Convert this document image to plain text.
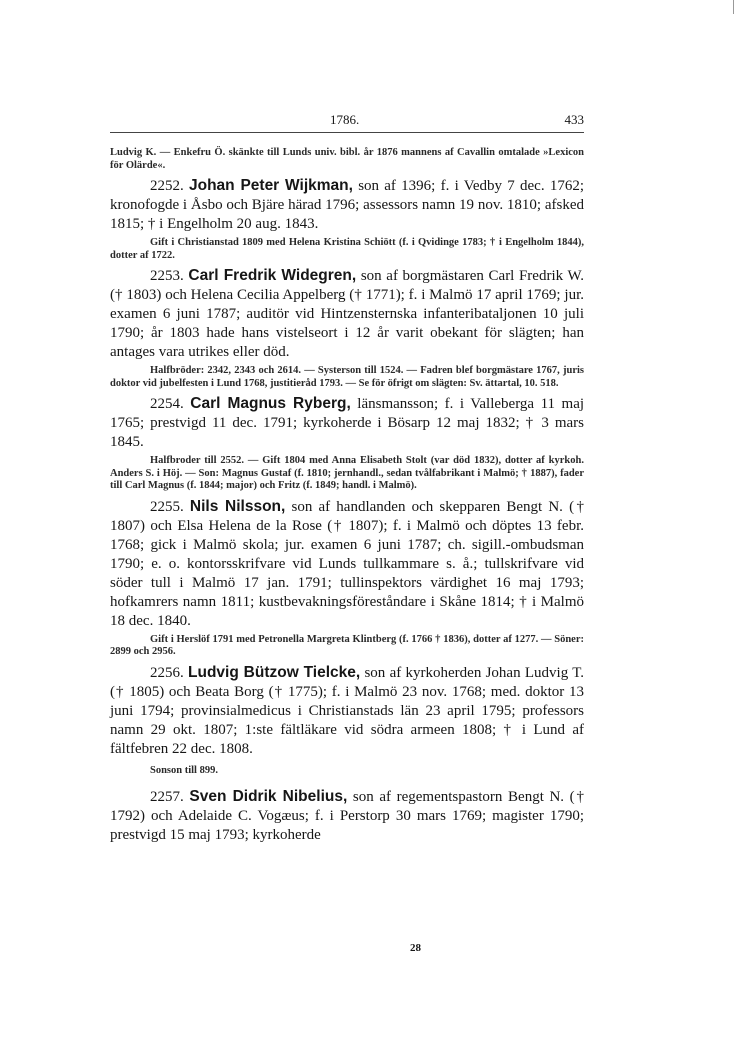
1786.	433

Ludvig K. — Enkefru Ö. skänkte till Lunds univ. bibl. år 1876 mannens af Cavallin omtalade »Lexicon för Olärde«.

2252. Johan Peter Wijkman, son af 1396; f. i Vedby 7 dec. 1762; kronofogde i Åsbo och Bjäre härad 1796; assessors namn 19 nov. 1810; afsked 1815; † i Engelholm 20 aug. 1843.

Gift i Christianstad 1809 med Helena Kristina Schiött (f. i Qvidinge 1783; † i Engelholm 1844), dotter af 1722.

2253. Carl Fredrik Widegren, son af borgmästaren Carl Fredrik W. († 1803) och Helena Cecilia Appelberg († 1771); f. i Malmö 17 april 1769; jur. examen 6 juni 1787; auditör vid Hintzensternska infanteribataljonen 10 juli 1790; år 1803 hade hans vistelseort i 12 år varit obekant för slägten; han antages vara utrikes eller död.

Halfbröder: 2342, 2343 och 2614. — Systerson till 1524. — Fadren blef borgmästare 1767, juris doktor vid jubelfesten i Lund 1768, justitieråd 1793. — Se för öfrigt om slägten: Sv. ättartal, 10. 518.

2254. Carl Magnus Ryberg, länsmansson; f. i Valleberga 11 maj 1765; prestvigd 11 dec. 1791; kyrkoherde i Bösarp 12 maj 1832; † 3 mars 1845.

Halfbroder till 2552. — Gift 1804 med Anna Elisabeth Stolt (var död 1832), dotter af kyrkoh. Anders S. i Höj. — Son: Magnus Gustaf (f. 1810; jernhandl., sedan tvålfabrikant i Malmö; † 1887), fader till Carl Magnus (f. 1844; major) och Fritz (f. 1849; handl. i Malmö).

2255. Nils Nilsson, son af handlanden och skepparen Bengt N. († 1807) och Elsa Helena de la Rose († 1807); f. i Malmö och döptes 13 febr. 1768; gick i Malmö skola; jur. examen 6 juni 1787; ch. sigill.-ombudsman 1790; e. o. kontorsskrifvare vid Lunds tullkammare s. å.; tullskrifvare vid söder tull i Malmö 17 jan. 1791; tullinspektors värdighet 16 maj 1793; hofkamrers namn 1811; kustbevakningsföreståndare i Skåne 1814; † i Malmö 18 dec. 1840.

Gift i Herslöf 1791 med Petronella Margreta Klintberg (f. 1766 † 1836), dotter af 1277. — Söner: 2899 och 2956.

2256. Ludvig Bützow Tielcke, son af kyrkoherden Johan Ludvig T. († 1805) och Beata Borg († 1775); f. i Malmö 23 nov. 1768; med. doktor 13 juni 1794; provinsialmedicus i Christianstads län 23 april 1795; professors namn 29 okt. 1807; 1:ste fältläkare vid södra armeen 1808; † i Lund af fältfebren 22 dec. 1808.

Sonson till 899.

2257. Sven Didrik Nibelius, son af regementspastorn Bengt N. († 1792) och Adelaide C. Vogæus; f. i Perstorp 30 mars 1769; magister 1790; prestvigd 15 maj 1793; kyrkoherde

28
